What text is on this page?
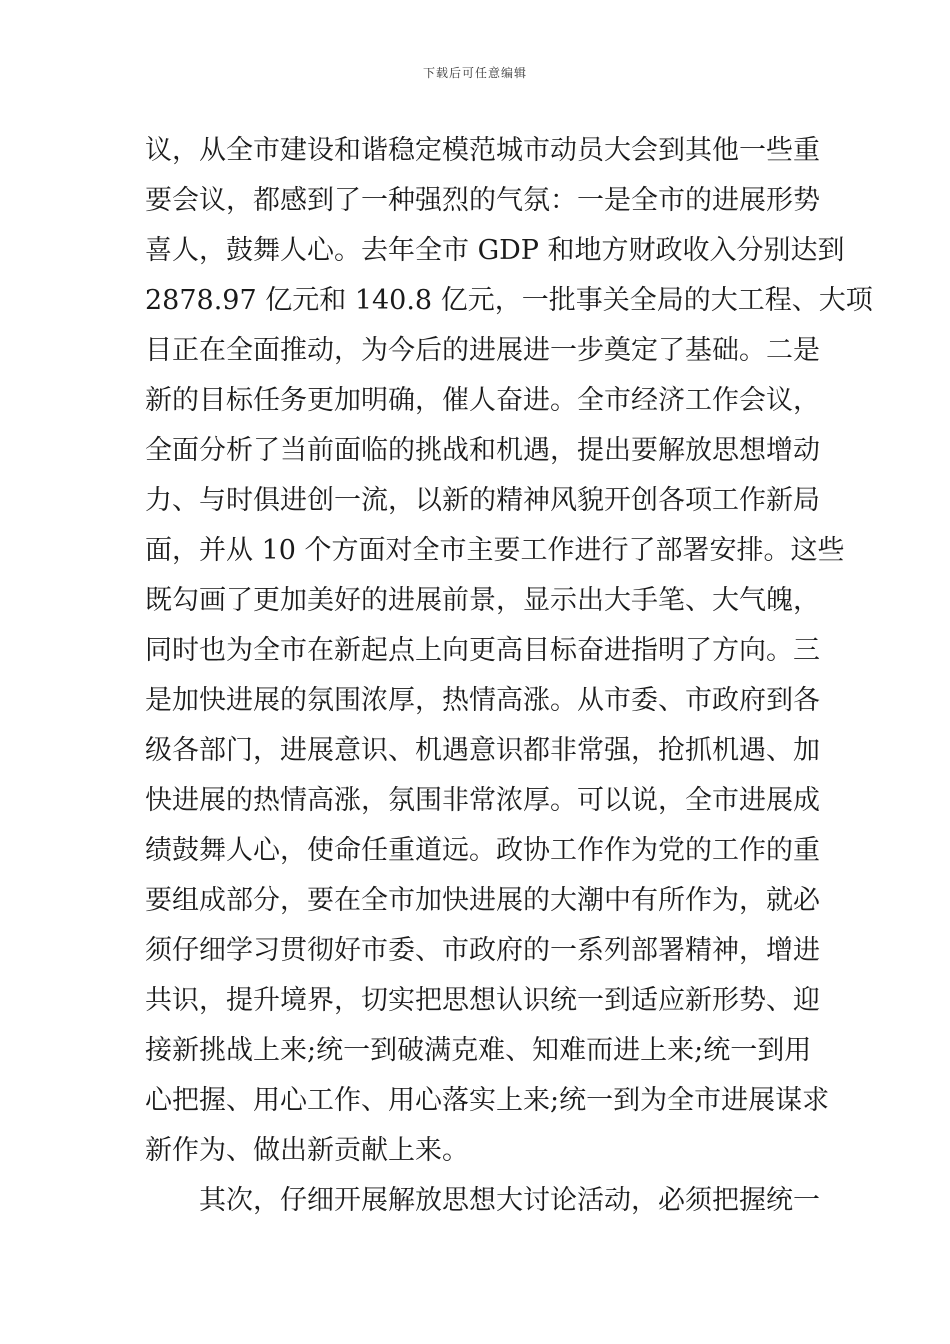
下载后可任意编辑
议，从全市建设和谐稳定模范城市动员大会到其他一些重
要会议，都感到了一种强烈的气氛：一是全市的进展形势
喜人，鼓舞人心。去年全市 GDP 和地方财政收入分别达到
2878.97 亿元和 140.8 亿元，一批事关全局的大工程、大项
目正在全面推动，为今后的进展进一步奠定了基础。二是
新的目标任务更加明确，催人奋进。全市经济工作会议，
全面分析了当前面临的挑战和机遇，提出要解放思想增动
力、与时俱进创一流，以新的精神风貌开创各项工作新局
面，并从 10 个方面对全市主要工作进行了部署安排。这些
既勾画了更加美好的进展前景，显示出大手笔、大气魄，
同时也为全市在新起点上向更高目标奋进指明了方向。三
是加快进展的氛围浓厚，热情高涨。从市委、市政府到各
级各部门，进展意识、机遇意识都非常强，抢抓机遇、加
快进展的热情高涨，氛围非常浓厚。可以说，全市进展成
绩鼓舞人心，使命任重道远。政协工作作为党的工作的重
要组成部分，要在全市加快进展的大潮中有所作为，就必
须仔细学习贯彻好市委、市政府的一系列部署精神，增进
共识，提升境界，切实把思想认识统一到适应新形势、迎
接新挑战上来;统一到破满克难、知难而进上来;统一到用
心把握、用心工作、用心落实上来;统一到为全市进展谋求
新作为、做出新贡献上来。
其次，仔细开展解放思想大讨论活动，必须把握统一
